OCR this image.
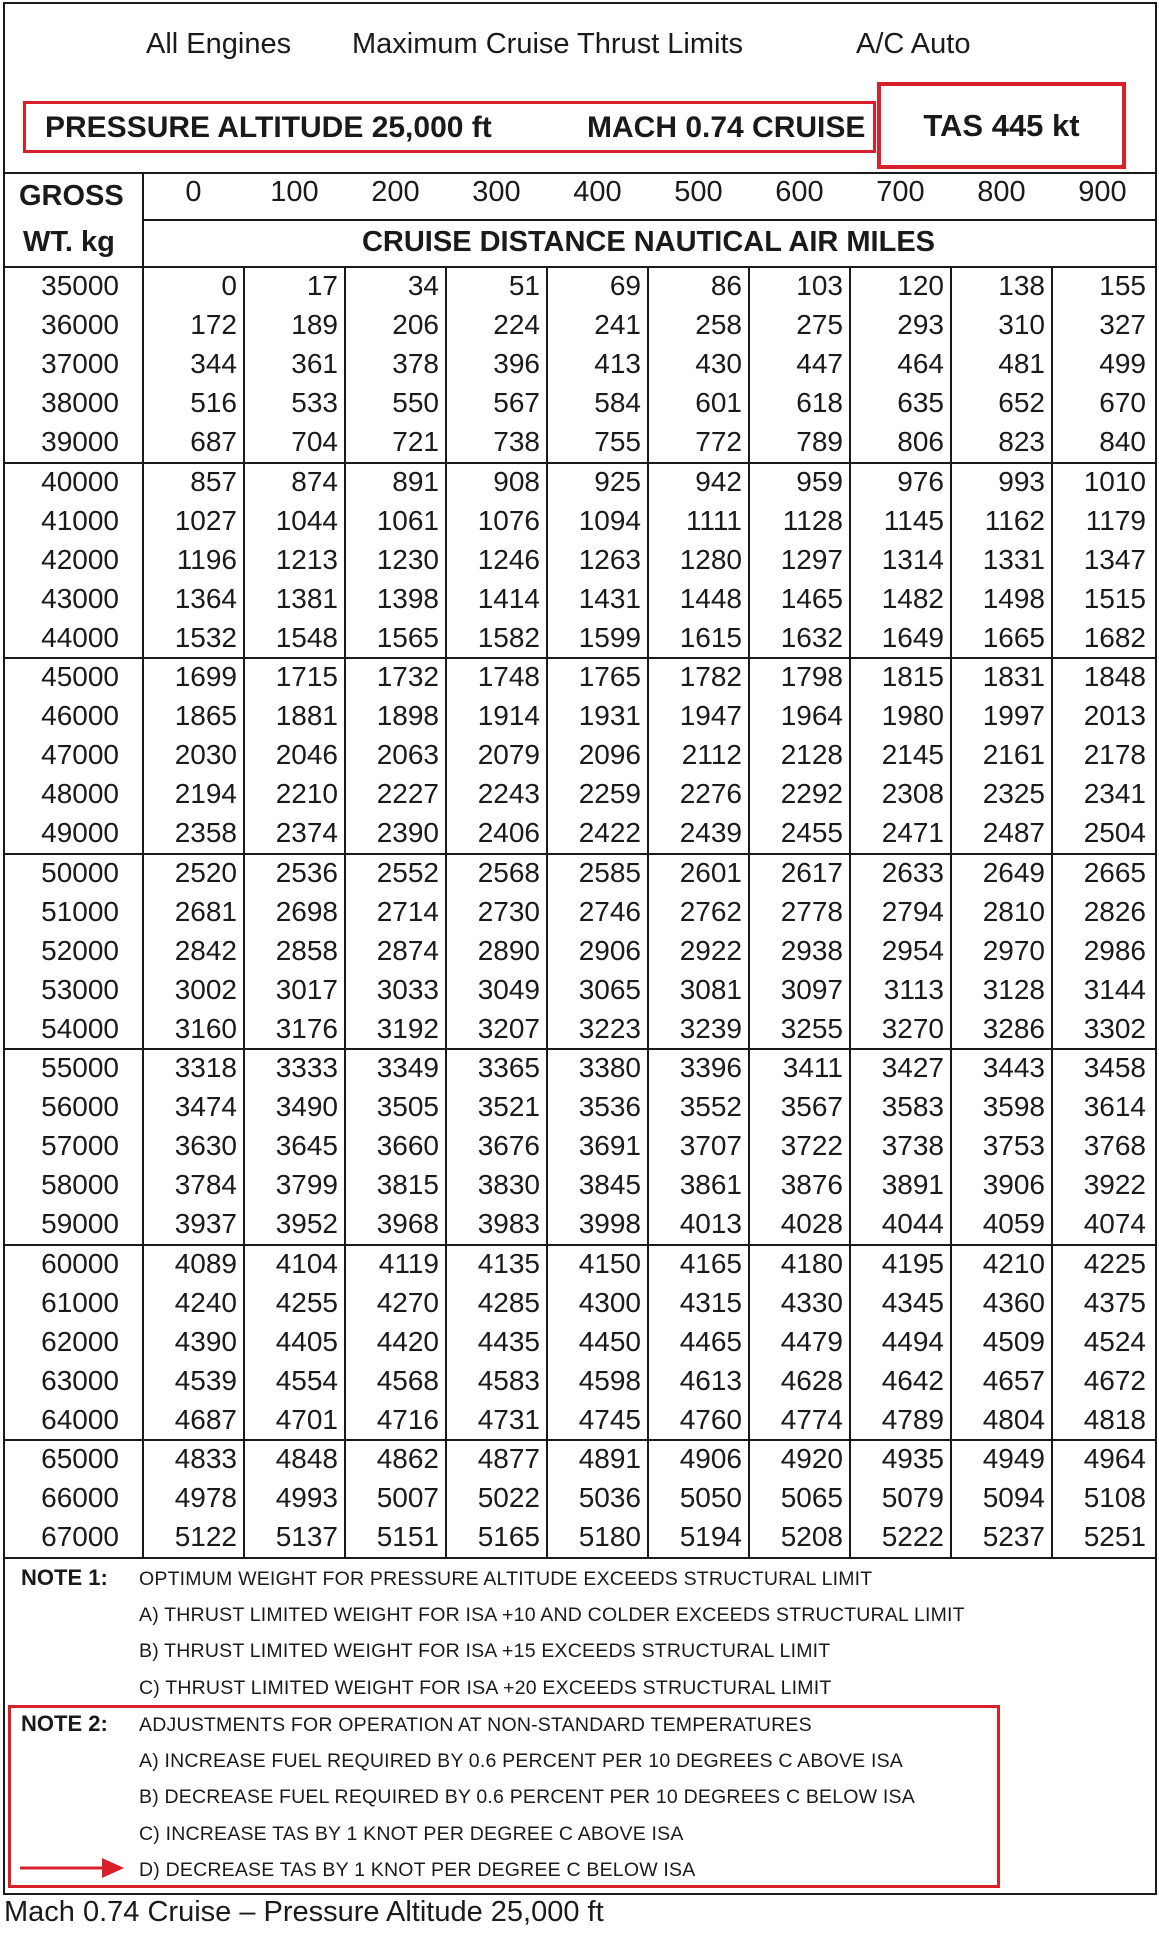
All Engines Maximum Cruise Thrust Limits	A/C Auto
PRESSURE ALTITUDE 25,000 ft	MACH 0.74 CRUISE TAS 445 kt
GROSS
WT. kg	CRUISE DISTANCE NAUTICAL AIR MILES
NOTE 1: OPTIMUM WEIGHT FOR PRESSURE ALTITUDE EXCEEDS STRUCTURAL LIMIT
A) THRUST LIMITED WEIGHT FOR ISA +10 AND COLDER EXCEEDS STRUCTURAL LIMIT
B) THRUST LIMITED WEIGHT FOR ISA +15 EXCEEDS STRUCTURAL LIMIT
C) THRUST LIMITED WEIGHT FOR ISA +20 EXCEEDS STRUCTURAL LIMIT
NOTE 2: ADJUSTMENTS FOR OPERATION AT NON-STANDARD TEMPERATURES
A) INCREASE FUEL REQUIRED BY 0.6 PERCENT PER 10 DEGREES C ABOVE ISA
B) DECREASE FUEL REQUIRED BY 0.6 PERCENT PER 10 DEGREES C BELOW ISA
C) INCREASE TAS BY 1 KNOT PER DEGREE C ABOVE ISA
D) DECREASE TAS BY 1 KNOT PER DEGREE C BELOW ISA
0	100	200	300	400	500	600	700	800	900
35000	0	17	34	51	69	86	103	120	138	155
36000	172	189	206	224	241	258	275	293	310	327
37000	344	361	378	396	413	430	447	464	481	499
38000	516	533	550	567	584	601	618	635	652	670
39000	687	704	721	738	755	772	789	806	823	840
40000	857	874	891	908	925	942	959	976	993	1010
41000	1027	1044	1061	1076	1094	1111	1128	1145	1162	1179
42000	1196	1213	1230	1246	1263	1280	1297	1314	1331	1347
43000	1364	1381	1398	1414	1431	1448	1465	1482	1498	1515
44000	1532	1548	1565	1582	1599	1615	1632	1649	1665	1682
45000	1699	1715	1732	1748	1765	1782	1798	1815	1831	1848
46000	1865	1881	1898	1914	1931	1947	1964	1980	1997	2013
47000	2030	2046	2063	2079	2096	2112	2128	2145	2161	2178
48000	2194	2210	2227	2243	2259	2276	2292	2308	2325	2341
49000	2358	2374	2390	2406	2422	2439	2455	2471	2487	2504
50000	2520	2536	2552	2568	2585	2601	2617	2633	2649	2665
51000	2681	2698	2714	2730	2746	2762	2778	2794	2810	2826
52000	2842	2858	2874	2890	2906	2922	2938	2954	2970	2986
53000	3002	3017	3033	3049	3065	3081	3097	3113	3128	3144
54000	3160	3176	3192	3207	3223	3239	3255	3270	3286	3302
55000	3318	3333	3349	3365	3380	3396	3411	3427	3443	3458
56000	3474	3490	3505	3521	3536	3552	3567	3583	3598	3614
57000	3630	3645	3660	3676	3691	3707	3722	3738	3753	3768
58000	3784	3799	3815	3830	3845	3861	3876	3891	3906	3922
59000	3937	3952	3968	3983	3998	4013	4028	4044	4059	4074
60000	4089	4104	4119	4135	4150	4165	4180	4195	4210	4225
61000	4240	4255	4270	4285	4300	4315	4330	4345	4360	4375
62000	4390	4405	4420	4435	4450	4465	4479	4494	4509	4524
63000	4539	4554	4568	4583	4598	4613	4628	4642	4657	4672
64000	4687	4701	4716	4731	4745	4760	4774	4789	4804	4818
65000	4833	4848	4862	4877	4891	4906	4920	4935	4949	4964
66000	4978	4993	5007	5022	5036	5050	5065	5079	5094	5108
67000	5122	5137	5151	5165	5180	5194	5208	5222	5237	5251
Mach 0.74 Cruise – Pressure Altitude 25,000 ft
